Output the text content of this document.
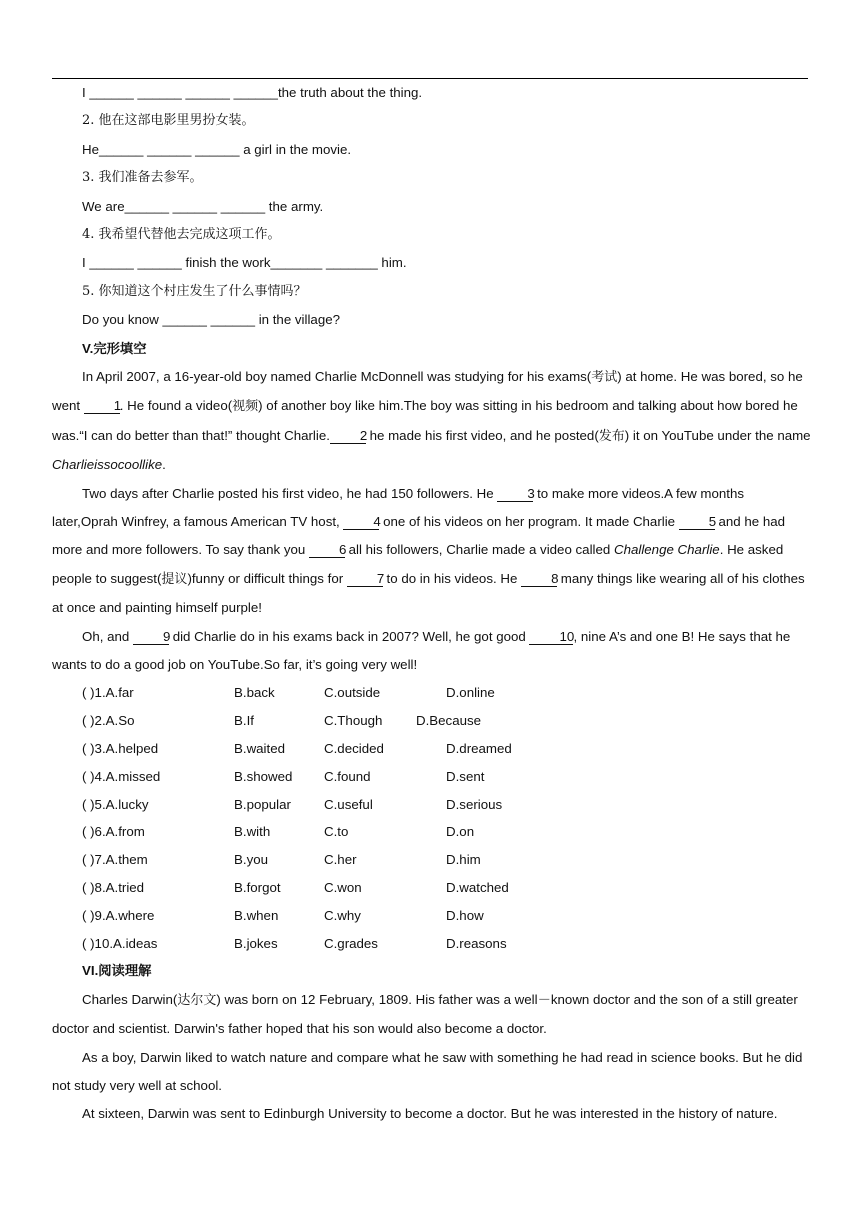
I ______ ______ ______ ______the truth about the thing.
2. 他在这部电影里男扮女装。
He______ ______ ______ a girl in the movie.
3. 我们准备去参军。
We are______ ______ ______ the army.
4. 我希望代替他去完成这项工作。
I ______ ______ finish the work_______ _______ him.
5. 你知道这个村庄发生了什么事情吗？
Do you know ______ ______ in the village?
V.完形填空

In April 2007, a 16-year-old boy named Charlie McDonnell was studying for his exams(考试) at home. He was bored, so he went 1. He found a video(视频) of another boy like him.The boy was sitting in his bedroom and talking about how bored he was.“I can do better than that!” thought Charlie. 2 he made his first video, and he posted(发布) it on YouTube under the name Charlieissocoollike.

Two days after Charlie posted his first video, he had 150 followers. He 3 to make more videos.A few months later,Oprah Winfrey, a famous American TV host, 4 one of his videos on her program. It made Charlie 5 and he had more and more followers. To say thank you 6 all his followers, Charlie made a video called Challenge Charlie. He asked people to suggest(提议)funny or difficult things for 7 to do in his videos. He 8 many things like wearing all of his clothes at once and painting himself purple!

Oh, and 9 did Charlie do in his exams back in 2007? Well, he got good 10, nine A’s and one B! He says that he wants to do a good job on YouTube.So far, it’s going very well!

( )1.A.far	B.back	C.outside	D.online
( )2.A.So	B.If	C.Though	D.Because
( )3.A.helped	B.waited	C.decided	D.dreamed
( )4.A.missed	B.showed C.found	D.sent
( )5.A.lucky	B.popular C.useful	D.serious
( )6.A.from	B.with	C.to	D.on
( )7.A.them	B.you	C.her	D.him
( )8.A.tried	B.forgot	C.won	D.watched
( )9.A.where	B.when	C.why	D.how
( )10.A.ideas	B.jokes	C.grades	D.reasons
VI.阅读理解

Charles Darwin(达尔文) was born on 12 February, 1809. His father was a well－known doctor and the son of a still greater doctor and scientist. Darwin's father hoped that his son would also become a doctor.

As a boy, Darwin liked to watch nature and compare what he saw with something he had read in science books. But he did not study very well at school.

At sixteen, Darwin was sent to Edinburgh University to become a doctor. But he was interested in the history of nature.
